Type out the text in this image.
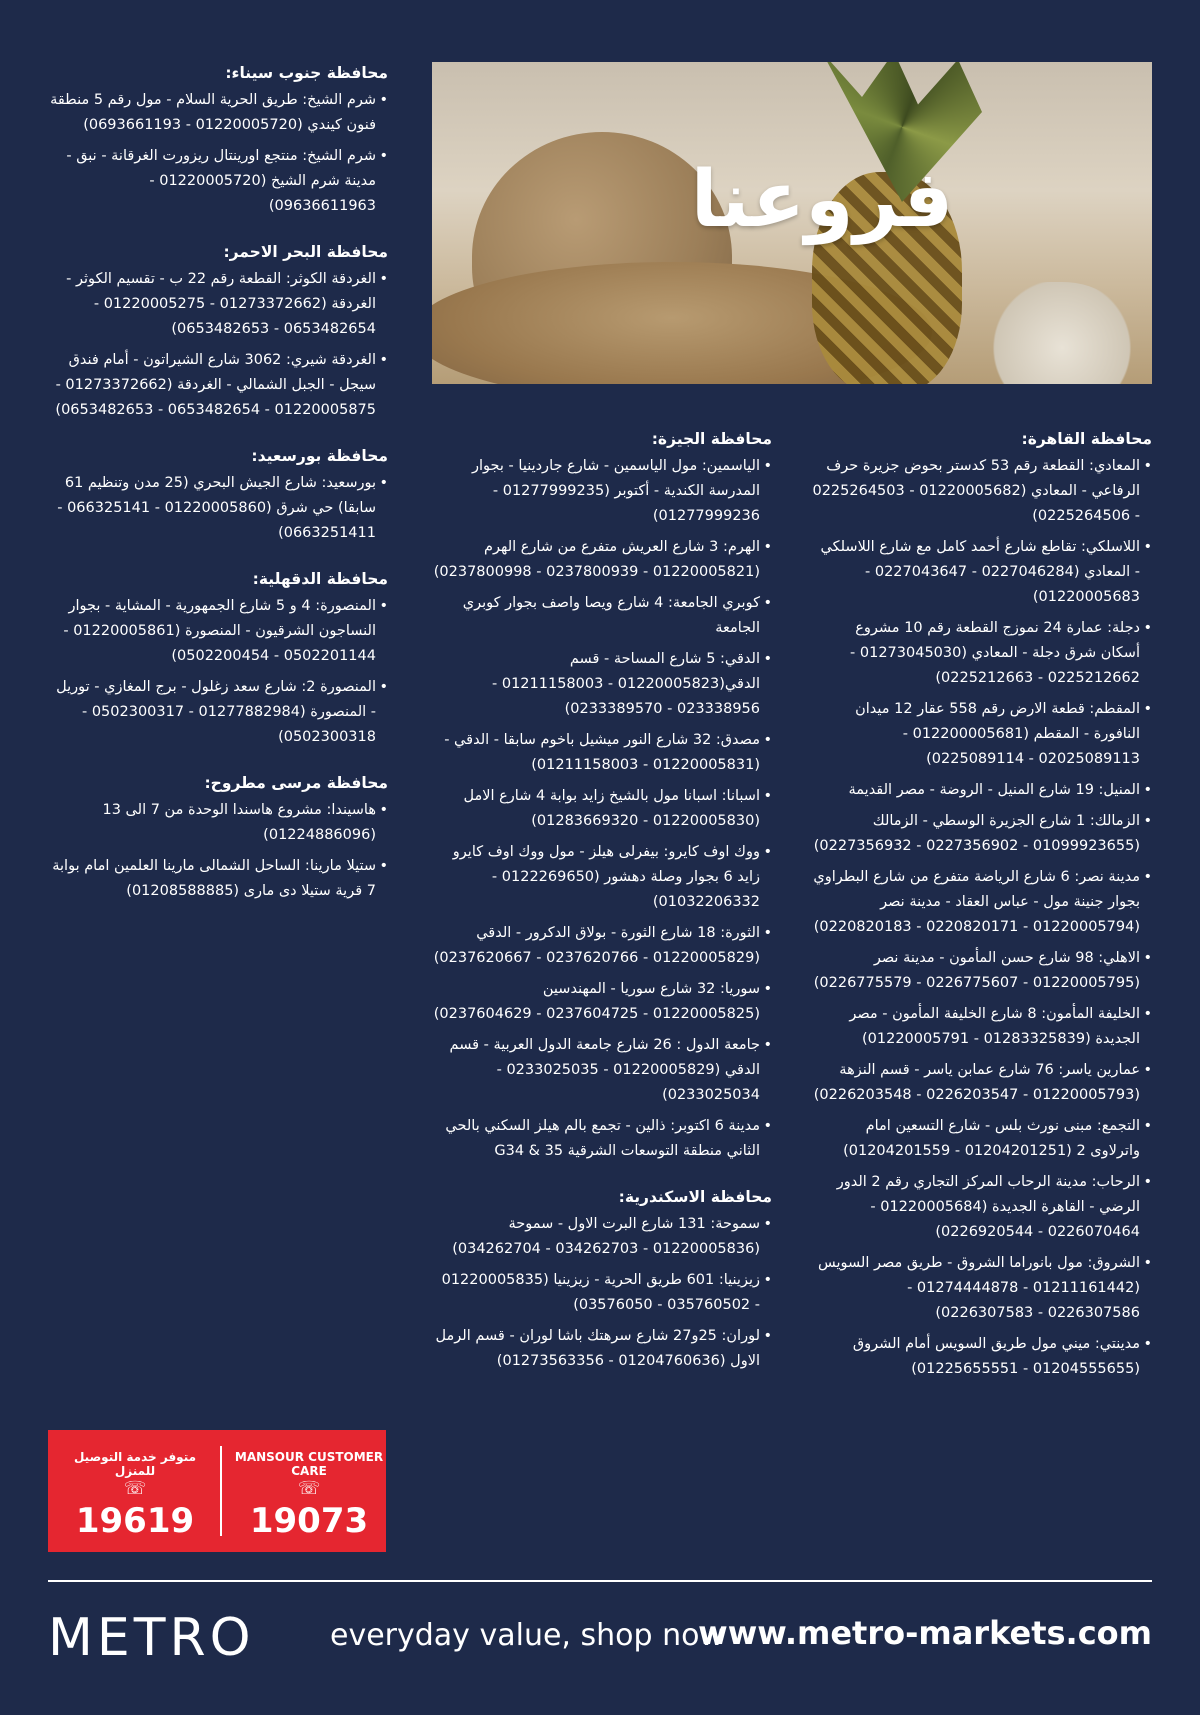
فروعنا
محافظة جنوب سيناء:
• شرم الشيخ: طريق الحرية السلام - مول رقم 5 منطقة فنون كيندي (01220005720 - 0693661193)
• شرم الشيخ: منتجع اورينتال ريزورت الغرقانة - نبق - مدينة شرم الشيخ (01220005720 - 09636611963)
محافظة البحر الاحمر:
• الغردقة الكوثر: القطعة رقم 22 ب - تقسيم الكوثر - الغردقة (01273372662 - 01220005275 - 0653482654 - 0653482653)
• الغردقة شيري: 3062 شارع الشيراتون - أمام فندق سيجل - الجبل الشمالي - الغردقة (01273372662 - 01220005875 - 0653482654 - 0653482653)
محافظة بورسعيد:
• بورسعيد: شارع الجيش البحري (25 مدن وتنظيم 61 سابقا) حي شرق (01220005860 - 066325141 - 0663251411)
محافظة الدقهلية:
• المنصورة: 4 و 5 شارع الجمهورية - المشاية - بجوار النساجون الشرقيون - المنصورة (01220005861 - 0502201144 - 0502200454)
• المنصورة 2: شارع سعد زغلول - برج المغازي - توريل - المنصورة (01277882984 - 0502300317 - 0502300318)
محافظة مرسى مطروح:
• هاسيندا: مشروع هاسندا الوحدة من 7 الى 13 (01224886096)
• ستيلا مارينا: الساحل الشمالى مارينا العلمين امام بوابة 7 قرية ستيلا دى مارى (01208588885)
محافظة الجيزة:
• الياسمين: مول الياسمين - شارع جاردينيا - بجوار المدرسة الكندية - أكتوبر (01277999235 - 01277999236)
• الهرم: 3 شارع العريش متفرع من شارع الهرم (01220005821 - 0237800939 - 0237800998)
• كوبري الجامعة: 4 شارع ويصا واصف بجوار كوبري الجامعة
• الدقي: 5 شارع المساحة - قسم الدقي(01220005823 - 01211158003 - 023338956 - 0233389570)
• مصدق: 32 شارع النور ميشيل باخوم سابقا - الدقي - (01220005831 - 01211158003)
• اسبانا: اسبانا مول بالشيخ زايد بوابة 4 شارع الامل (01220005830 - 01283669320)
• ووك اوف كايرو: بيفرلى هيلز - مول ووك اوف كايرو زايد 6 بجوار وصلة دهشور (0122269650 - 01032206332)
• الثورة: 18 شارع الثورة - بولاق الدكرور - الدقي (01220005829 - 0237620766 - 0237620667)
• سوريا: 32 شارع سوريا - المهندسين (01220005825 - 0237604725 - 0237604629)
• جامعة الدول : 26 شارع جامعة الدول العربية - قسم الدقي (01220005829 - 0233025035 - 0233025034)
• مدينة 6 اكتوبر: ذالين - تجمع بالم هيلز السكني بالحي الثاني منطقة التوسعات الشرقية G34 & 35
محافظة الاسكندرية:
• سموحة: 131 شارع البرت الاول - سموحة (01220005836 - 034262703 - 034262704)
• زيزينيا: 601 طريق الحرية - زيزينيا (01220005835 - 035760502 - 03576050)
• لوران: 25و27 شارع سرهتك باشا لوران - قسم الرمل الاول (01204760636 - 01273563356)
محافظة القاهرة:
• المعادي: القطعة رقم 53 كدستر بحوض جزيرة حرف الرفاعي - المعادي (01220005682 - 0225264503 - 0225264506)
• اللاسلكي: تقاطع شارع أحمد كامل مع شارع اللاسلكي - المعادي (0227046284 - 0227043647 - 01220005683)
• دجلة: عمارة 24 نموزج القطعة رقم 10 مشروع أسكان شرق دجلة - المعادي (01273045030 - 0225212662 - 0225212663)
• المقطم: قطعة الارض رقم 558 عقار 12 ميدان النافورة - المقطم (012200005681 - 02025089113 - 0225089114)
• المنيل: 19 شارع المنيل - الروضة - مصر القديمة
• الزمالك: 1 شارع الجزيرة الوسطي - الزمالك (01099923655 - 0227356902 - 0227356932)
• مدينة نصر: 6 شارع الرياضة متفرع من شارع البطراوي بجوار جنينة مول - عباس العقاد - مدينة نصر (01220005794 - 0220820171 - 0220820183)
• الاهلي: 98 شارع حسن المأمون - مدينة نصر (01220005795 - 0226775607 - 0226775579)
• الخليفة المأمون: 8 شارع الخليفة المأمون - مصر الجديدة (01283325839 - 01220005791)
• عمارين ياسر: 76 شارع عمابن ياسر - قسم النزهة (01220005793 - 0226203547 - 0226203548)
• التجمع: مبنى نورث بلس - شارع التسعين امام واترلاوى 2 (01204201251 - 01204201559)
• الرحاب: مدينة الرحاب المركز التجاري رقم 2 الدور الرضي - القاهرة الجديدة (01220005684 - 0226070464 - 0226920544)
• الشروق: مول بانوراما الشروق - طريق مصر السويس (01211161442 - 01274444878 - 0226307586 - 0226307583)
• مدينتي: ميني مول طريق السويس أمام الشروق (01204555655 - 01225655551)
متوفر خدمة التوصيل للمنزل
☏
19619
MANSOUR CUSTOMER CARE
☏
19073
METRO	everyday value, shop now
www.metro-markets.com
